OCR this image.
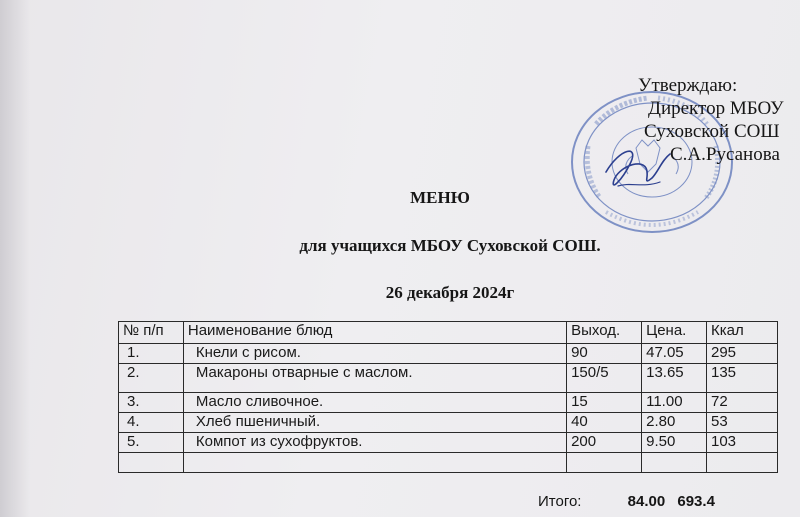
Утверждаю:
Директор МБОУ
Суховской СОШ
С.А.Русанова
МЕНЮ
для учащихся МБОУ Суховской СОШ.
26 декабря 2024г
№ п/п	Наименование блюд	Выход.	Цена.	Ккал
1.	Кнели с рисом.	90	47.05	295
2.	Макароны отварные с маслом.	150/5	13.65	135
3.	Масло сливочное.	15	11.00	72
4.	Хлеб пшеничный.	40	2.80	53
5.	Компот из сухофруктов.	200	9.50	103

Итого:	84.00 693.4
